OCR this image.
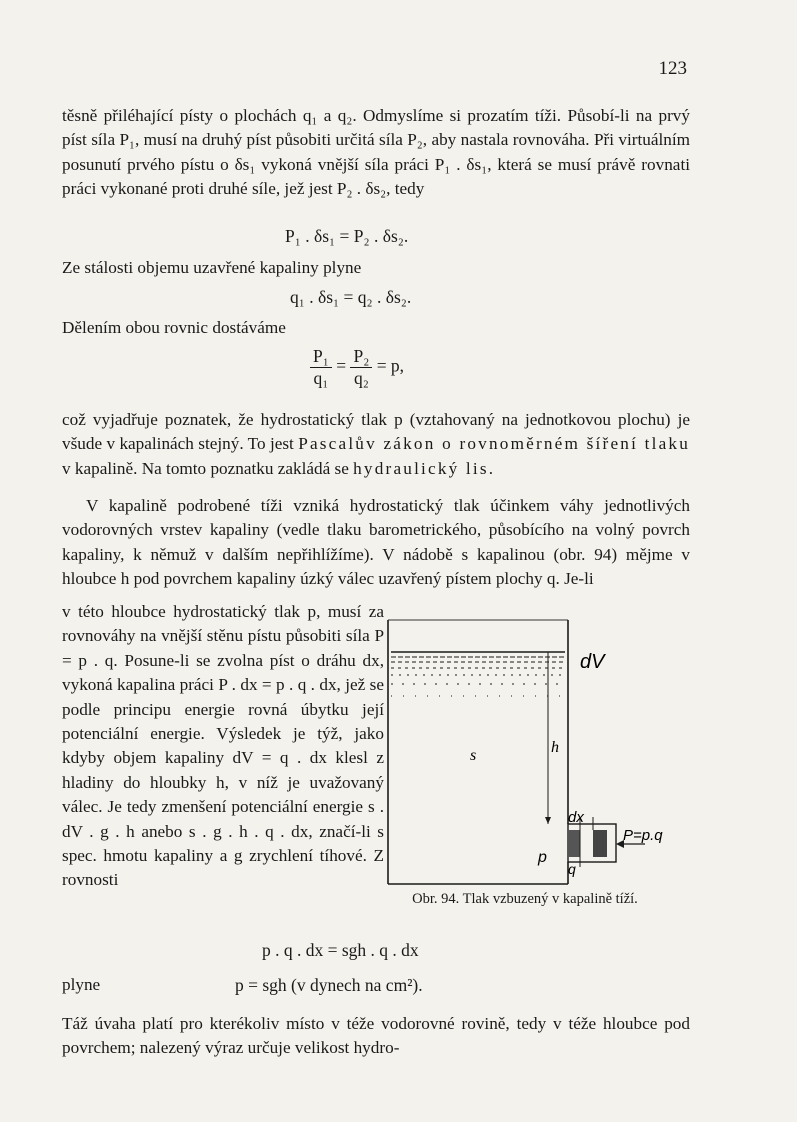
123

těsně přiléhající písty o plochách q₁ a q₂. Odmyslíme si prozatím tíži. Působí-li na prvý píst síla P₁, musí na druhý píst působiti určitá síla P₂, aby nastala rovnováha. Při virtuálním posunutí prvého pístu o δs₁ vykoná vnější síla práci P₁ . δs₁, která se musí právě rovnati práci vykonané proti druhé síle, jež jest P₂ . δs₂, tedy

P₁ . δs₁ = P₂ . δs₂.

Ze stálosti objemu uzavřené kapaliny plyne

q₁ . δs₁ = q₂ . δs₂.

Dělením obou rovnic dostáváme

$\frac{\text{P₁}}{\text{q₁}} = \frac{\text{P₂}}{\text{q₂}} = p$,

což vyjadřuje poznatek, že hydrostatický tlak p (vztahovaný na jednotkovou plochu) je všude v kapalinách stejný. To jest Pascalův zákon o rovnoměrném šíření tlaku v kapalině. Na tomto poznatku zakládá se hydraulický lis.

V kapalině podrobené tíži vzniká hydrostatický tlak účinkem váhy jednotlivých vodorovných vrstev kapaliny (vedle tlaku barometrického, působícího na volný povrch kapaliny, k němuž v dalším nepřihlížíme). V nádobě s kapalinou (obr. 94) mějme v hloubce h pod povrchem kapaliny úzký válec uzavřený pístem plochy q. Je-li

v této hloubce hydrostatický tlak p, musí za rovnováhy na vnější stěnu pístu působiti síla P = p . q. Posune-li se zvolna píst o dráhu dx, vykoná kapalina práci P . dx = p . q . dx, jež se podle principu energie rovná úbytku její potenciální energie. Výsledek je týž, jako kdyby objem kapaliny dV = q . dx klesl z hladiny do hloubky h, v níž je uvažovaný válec. Je tedy zmenšení potenciální energie s . dV . g . h anebo s . g . h . q . dx, značí-li s spec. hmotu kapaliny a g zrychlení tíhové. Z rovnosti

dV
s	h
dx
P=p.q
p
q
Obr. 94. Tlak vzbuzený v kapalině tíží.
p . q . dx = sgh . q . dx
plyne	p = sgh (v dynech na cm²).

Táž úvaha platí pro kterékoliv místo v téže vodorovné rovině, tedy v téže hloubce pod povrchem; nalezený výraz určuje velikost hydro-
